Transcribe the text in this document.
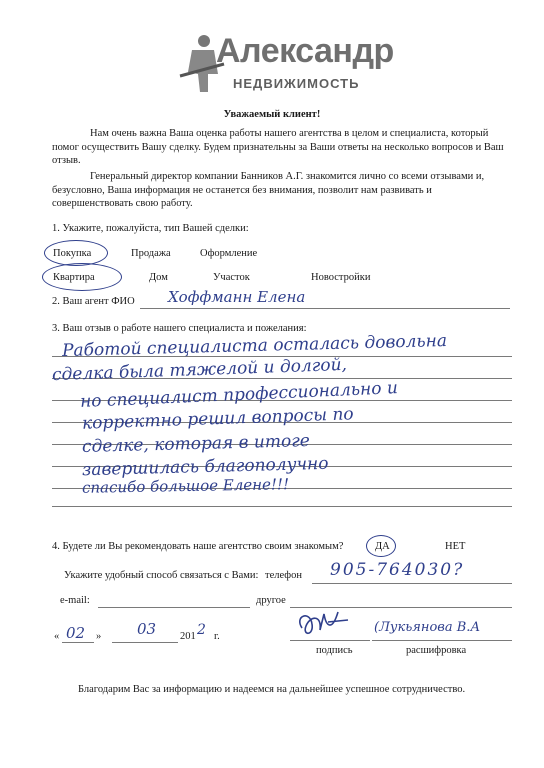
Александр
НЕДВИЖИМОСТЬ
Уважаемый клиент!

Нам очень важна Ваша оценка работы нашего агентства в целом и специалиста, который помог осуществить Вашу сделку. Будем признательны за Ваши ответы на несколько вопросов и Ваш отзыв.

Генеральный директор компании Банников А.Г. знакомится лично со всеми отзывами и, безусловно, Ваша информация не останется без внимания, позволит нам развивать и совершенствовать свою работу.

1. Укажите, пожалуйста, тип Вашей сделки:
Покупка	Продажа	Оформление
Квартира	Дом	Участок	Новостройки
2. Ваш агент ФИО Хоффманн Елена
3. Ваш отзыв о работе нашего специалиста и пожелания:
Работой специалиста осталась довольна
сделка была тяжелой и долгой,
но специалист профессионально и
корректно решил вопросы по
сделке, которая в итоге
завершилась благополучно
спасибо большое Елене!!!
4. Будете ли Вы рекомендовать наше агентство своим знакомым?	ДА	НЕТ
Укажите удобный способ связаться с Вами: телефон 905-764030?
e-mail:	другое
« 02 » 03 201 2 г.
подпись
(Лукьянова В.А
расшифровка
Благодарим Вас за информацию и надеемся на дальнейшее успешное сотрудничество.
